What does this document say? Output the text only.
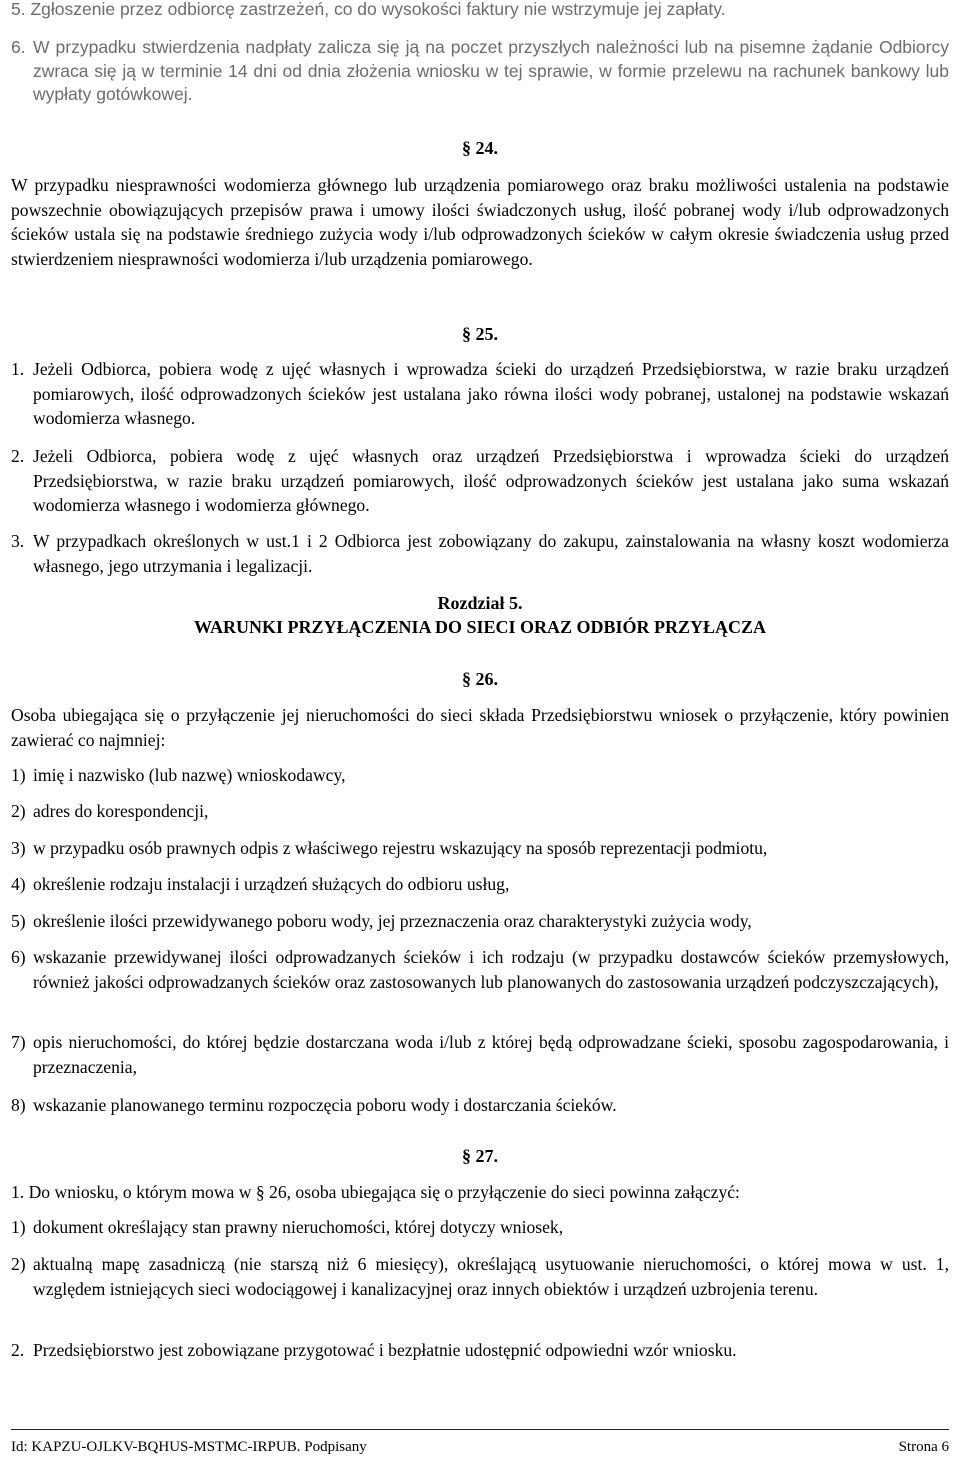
5. Zgłoszenie przez odbiorcę zastrzeżeń, co do wysokości faktury nie wstrzymuje jej zapłaty.
6. W przypadku stwierdzenia nadpłaty zalicza się ją na poczet przyszłych należności lub na pisemne żądanie Odbiorcy zwraca się ją w terminie 14 dni od dnia złożenia wniosku w tej sprawie, w formie przelewu na rachunek bankowy lub wypłaty gotówkowej.
§ 24.
W przypadku niesprawności wodomierza głównego lub urządzenia pomiarowego oraz braku możliwości ustalenia na podstawie powszechnie obowiązujących przepisów prawa i umowy ilości świadczonych usług, ilość pobranej wody i/lub odprowadzonych ścieków ustala się na podstawie średniego zużycia wody i/lub odprowadzonych ścieków w całym okresie świadczenia usług przed stwierdzeniem niesprawności wodomierza i/lub urządzenia pomiarowego.
§ 25.
1. Jeżeli Odbiorca, pobiera wodę z ujęć własnych i wprowadza ścieki do urządzeń Przedsiębiorstwa, w razie braku urządzeń pomiarowych, ilość odprowadzonych ścieków jest ustalana jako równa ilości wody pobranej, ustalonej na podstawie wskazań wodomierza własnego.
2. Jeżeli Odbiorca, pobiera wodę z ujęć własnych oraz urządzeń Przedsiębiorstwa i wprowadza ścieki do urządzeń Przedsiębiorstwa, w razie braku urządzeń pomiarowych, ilość odprowadzonych ścieków jest ustalana jako suma wskazań wodomierza własnego i wodomierza głównego.
3. W przypadkach określonych w ust.1 i 2 Odbiorca jest zobowiązany do zakupu, zainstalowania na własny koszt wodomierza własnego, jego utrzymania i legalizacji.
Rozdział 5.
WARUNKI PRZYŁĄCZENIA DO SIECI ORAZ ODBIÓR PRZYŁĄCZA
§ 26.
Osoba ubiegająca się o przyłączenie jej nieruchomości do sieci składa Przedsiębiorstwu wniosek o przyłączenie, który powinien zawierać co najmniej:
1) imię i nazwisko (lub nazwę) wnioskodawcy,
2) adres do korespondencji,
3) w przypadku osób prawnych odpis z właściwego rejestru wskazujący na sposób reprezentacji podmiotu,
4) określenie rodzaju instalacji i urządzeń służących do odbioru usług,
5) określenie ilości przewidywanego poboru wody, jej przeznaczenia oraz charakterystyki zużycia wody,
6) wskazanie przewidywanej ilości odprowadzanych ścieków i ich rodzaju (w przypadku dostawców ścieków przemysłowych, również jakości odprowadzanych ścieków oraz zastosowanych lub planowanych do zastosowania urządzeń podczyszczających),
7) opis nieruchomości, do której będzie dostarczana woda i/lub z której będą odprowadzane ścieki, sposobu zagospodarowania, i przeznaczenia,
8) wskazanie planowanego terminu rozpoczęcia poboru wody i dostarczania ścieków.
§ 27.
1. Do wniosku, o którym mowa w § 26, osoba ubiegająca się o przyłączenie do sieci powinna załączyć:
1) dokument określający stan prawny nieruchomości, której dotyczy wniosek,
2) aktualną mapę zasadniczą (nie starszą niż 6 miesięcy), określającą usytuowanie nieruchomości, o której mowa w ust. 1, względem istniejących sieci wodociągowej i kanalizacyjnej oraz innych obiektów i urządzeń uzbrojenia terenu.
2. Przedsiębiorstwo jest zobowiązane przygotować i bezpłatnie udostępnić odpowiedni wzór wniosku.
Id: KAPZU-OJLKV-BQHUS-MSTMC-IRPUB. Podpisany	Strona 6
